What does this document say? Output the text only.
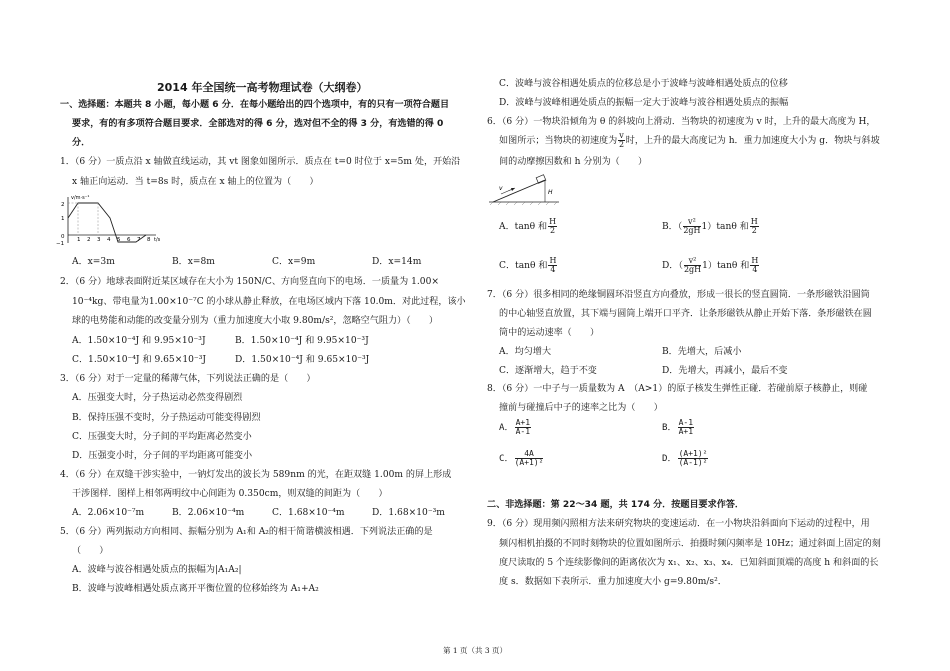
2014 年全国统一高考物理试卷（大纲卷）
一、选择题：本题共 8 小题，每小题 6 分．在每小题给出的四个选项中，有的只有一项符合题目
要求，有的有多项符合题目要求．全部选对的得 6 分，选对但不全的得 3 分，有选错的得 0
分．
1．（6 分）一质点沿 x 轴做直线运动，其 v﻿t 图象如图所示．质点在 t=0 时位于 x=5m 处，开始沿
x 轴正向运动．当 t=8s 时，质点在 x 轴上的位置为（　　）
v/m·s⁻¹
t/s
2
1
0
−1
1 2 3 4 5 6 7 8
A．x=3m	B．x=8m	C．x=9m	D．x=14m
2．（6 分）地球表面附近某区域存在大小为 150N/C、方向竖直向下的电场．一质量为 1.00×
10⁻⁴kg、带电量为﻿1.00×10⁻⁷C 的小球从静止释放，在电场区域内下落 10.0m．对此过程，该小
球的电势能和动能的改变量分别为（重力加速度大小取 9.80m/s²，忽略空气阻力）（　　）
A．﻿1.50×10⁻⁴J 和 9.95×10⁻³J	B．1.50×10⁻⁴J 和 9.95×10⁻³J
C．﻿1.50×10⁻⁴J 和 9.65×10⁻³J	D．1.50×10⁻⁴J 和 9.65×10⁻³J
3．（6 分）对于一定量的稀薄气体，下列说法正确的是（　　）
A．压强变大时，分子热运动必然变得剧烈
B．保持压强不变时，分子热运动可能变得剧烈
C．压强变大时，分子间的平均距离必然变小
D．压强变小时，分子间的平均距离可能变小
4．（6 分）在双缝干涉实验中，一钠灯发出的波长为 589nm 的光，在距双缝 1.00m 的屏上形成
干涉图样．图样上相邻两明纹中心间距为 0.350cm，则双缝的间距为（　　）
A．2.06×10⁻⁷m	B．2.06×10⁻⁴m	C．1.68×10⁻⁴m	D．1.68×10⁻³m
5．（6 分）两列振动方向相同、振幅分别为 A₁和 A₂的相干简谐横波相遇．下列说法正确的是
（　　）
A．波峰与波谷相遇处质点的振幅为|A₁﻿A₂|
B．波峰与波峰相遇处质点离开平衡位置的位移始终为 A₁+A₂
C．波峰与波谷相遇处质点的位移总是小于波峰与波峰相遇处质点的位移
D．波峰与波峰相遇处质点的振幅一定大于波峰与波谷相遇处质点的振幅
6．（6 分）一物块沿倾角为 θ 的斜坡向上滑动．当物块的初速度为 v 时，上升的最大高度为 H，
如图所示；当物块的初速度为 $\frac{v}{2}$ 时，上升的最大高度记为 h．重力加速度大小为 g．物块与斜坡
间的动摩擦因数和 h 分别为（　　）
v
H
A．tanθ 和 $\frac{H}{2}$	B．（ $\frac{\text{v²}}{2gH}$ ﻿1）tanθ 和 $\frac{H}{2}$
C．tanθ 和 $\frac{H}{4}$	D．（ $\frac{\text{v²}}{2gH}$ ﻿1）tanθ 和 $\frac{H}{4}$
7．（6 分）很多相同的绝缘铜圆环沿竖直方向叠放，形成一很长的竖直圆筒．一条形磁铁沿圆筒
的中心轴竖直放置，其下端与圆筒上端开口平齐．让条形磁铁从静止开始下落．条形磁铁在圆
筒中的运动速率（　　）
A．均匀增大	B．先增大，后减小
C．逐渐增大，趋于不变	D．先增大，再减小，最后不变
8．（6 分）一中子与一质量数为 A　（A>1）的原子核发生弹性正碰．若碰前原子核静止，则碰
撞前与碰撞后中子的速率之比为（　　）
A． $\frac{A+1}{A-1}$	B． $\frac{A-1}{A+1}$
C． $\frac{4A}{\text{(A+1)²}}$	D． $\frac{\text{(A+1)²}}{\text{(A-1)²}}$
二、非选择题：第 22～34 题，共 174 分．按题目要求作答．
9．（6 分）现用频闪照相方法来研究物块的变速运动．在一小物块沿斜面向下运动的过程中，用
频闪相机拍摄的不同时刻物块的位置如图所示．拍摄时频闪频率是 10Hz；通过斜面上固定的刻
度尺读取的 5 个连续影像间的距离依次为 x₁、x₂、x₃、x₄．已知斜面顶端的高度 h 和斜面的长
度 s．数据如下表所示．重力加速度大小 g=9.80m/s²．
第 1 页（共 3 页）
